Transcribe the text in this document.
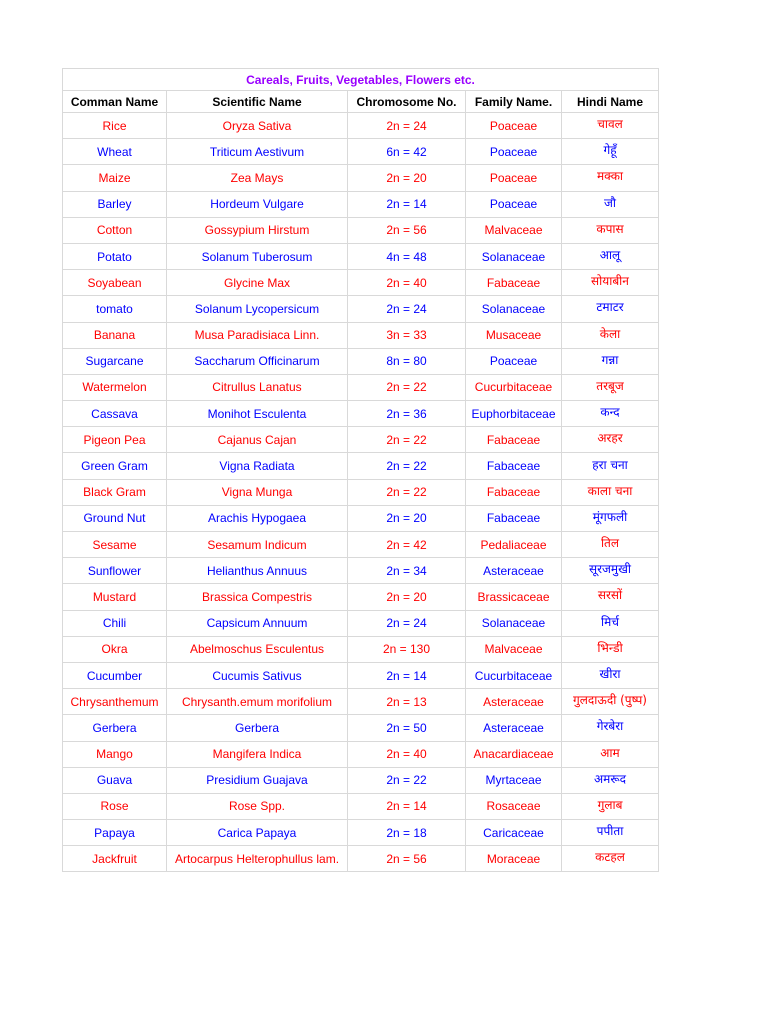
Careals, Fruits, Vegetables, Flowers etc.				
Comman Name	Scientific Name	Chromosome No.	Family Name.	Hindi Name
Rice	Oryza Sativa	2n = 24	Poaceae	चावल
Wheat	Triticum Aestivum	6n = 42	Poaceae	गेहूँ
Maize	Zea Mays	2n = 20	Poaceae	मक्का
Barley	Hordeum Vulgare	2n = 14	Poaceae	जौ
Cotton	Gossypium Hirstum	2n = 56	Malvaceae	कपास
Potato	Solanum Tuberosum	4n = 48	Solanaceae	आलू
Soyabean	Glycine Max	2n = 40	Fabaceae	सोयाबीन
tomato	Solanum Lycopersicum	2n = 24	Solanaceae	टमाटर
Banana	Musa Paradisiaca Linn.	3n = 33	Musaceae	केला
Sugarcane	Saccharum Officinarum	8n = 80	Poaceae	गन्ना
Watermelon	Citrullus Lanatus	2n = 22	Cucurbitaceae	तरबूज
Cassava	Monihot Esculenta	2n = 36	Euphorbitaceae	कन्द
Pigeon Pea	Cajanus Cajan	2n = 22	Fabaceae	अरहर
Green Gram	Vigna Radiata	2n = 22	Fabaceae	हरा चना
Black Gram	Vigna Munga	2n = 22	Fabaceae	काला चना
Ground Nut	Arachis Hypogaea	2n = 20	Fabaceae	मूंगफली
Sesame	Sesamum Indicum	2n = 42	Pedaliaceae	तिल
Sunflower	Helianthus Annuus	2n = 34	Asteraceae	सूरजमुखी
Mustard	Brassica Compestris	2n = 20	Brassicaceae	सरसों
Chili	Capsicum Annuum	2n = 24	Solanaceae	मिर्च
Okra	Abelmoschus Esculentus	2n = 130	Malvaceae	भिन्डी
Cucumber	Cucumis Sativus	2n = 14	Cucurbitaceae	खीरा
Chrysanthemum	Chrysanth.emum morifolium	2n = 13	Asteraceae	गुलदाऊदी (पुष्प)
Gerbera	Gerbera	2n = 50	Asteraceae	गेरबेरा
Mango	Mangifera Indica	2n = 40	Anacardiaceae	आम
Guava	Presidium Guajava	2n = 22	Myrtaceae	अमरूद
Rose	Rose Spp.	2n = 14	Rosaceae	गुलाब
Papaya	Carica Papaya	2n = 18	Caricaceae	पपीता
Jackfruit	Artocarpus Helterophullus lam.	2n = 56	Moraceae	कटहल
